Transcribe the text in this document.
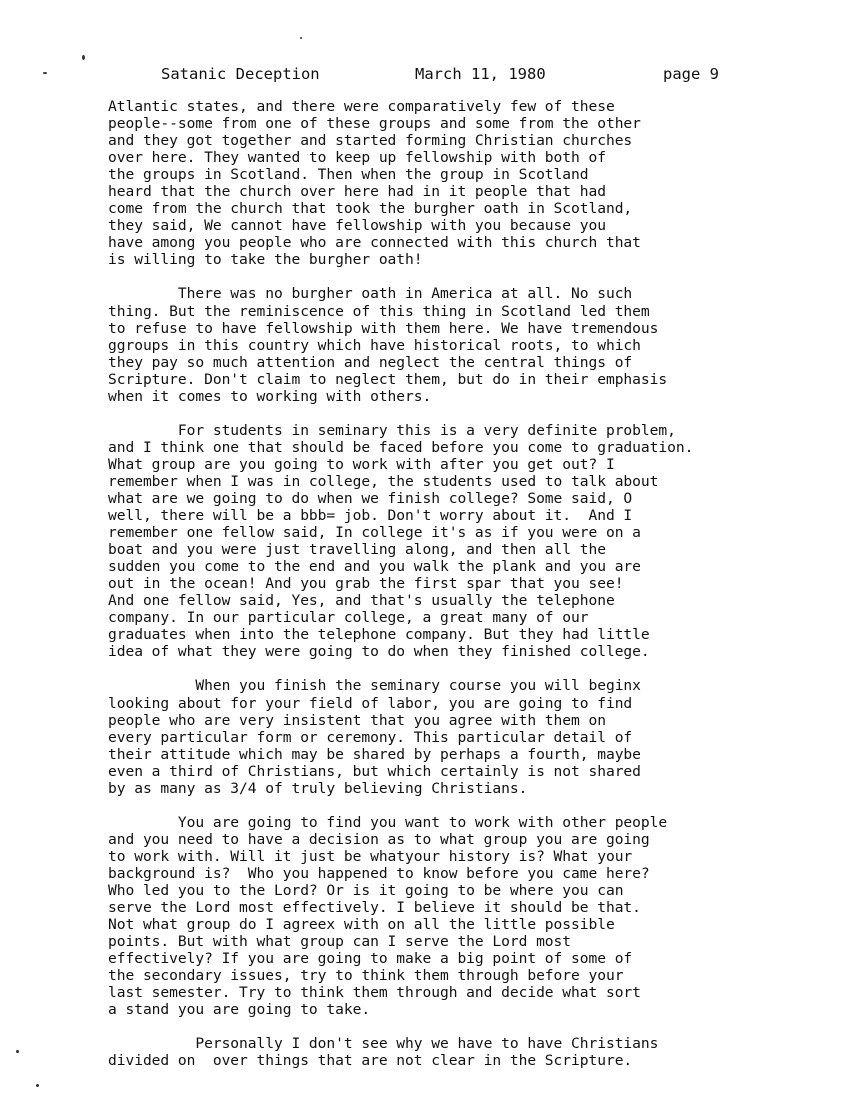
Satanic Deception	March 11, 1980	page 9
Atlantic states, and there were comparatively few of these
people--some from one of these groups and some from the other
and they got together and started forming Christian churches
over here. They wanted to keep up fellowship with both of
the groups in Scotland. Then when the group in Scotland
heard that the church over here had in it people that had
come from the church that took the burgher oath in Scotland,
they said, We cannot have fellowship with you because you
have among you people who are connected with this church that
is willing to take the burgher oath!
There was no burgher oath in America at all. No such
thing. But the reminiscence of this thing in Scotland led them
to refuse to have fellowship with them here. We have tremendous
ggroups in this country which have historical roots, to which
they pay so much attention and neglect the central things of
Scripture. Don't claim to neglect them, but do in their emphasis
when it comes to working with others.
For students in seminary this is a very definite problem,
and I think one that should be faced before you come to graduation.
What group are you going to work with after you get out? I
remember when I was in college, the students used to talk about
what are we going to do when we finish college? Some said, O
well, there will be a bbb= job. Don't worry about it.  And I
remember one fellow said, In college it's as if you were on a
boat and you were just travelling along, and then all the
sudden you come to the end and you walk the plank and you are
out in the ocean! And you grab the first spar that you see!
And one fellow said, Yes, and that's usually the telephone
company. In our particular college, a great many of our
graduates when into the telephone company. But they had little
idea of what they were going to do when they finished college.
When you finish the seminary course you will beginx
looking about for your field of labor, you are going to find
people who are very insistent that you agree with them on
every particular form or ceremony. This particular detail of
their attitude which may be shared by perhaps a fourth, maybe
even a third of Christians, but which certainly is not shared
by as many as 3/4 of truly believing Christians.
You are going to find you want to work with other people
and you need to have a decision as to what group you are going
to work with. Will it just be whatyour history is? What your
background is?  Who you happened to know before you came here?
Who led you to the Lord? Or is it going to be where you can
serve the Lord most effectively. I believe it should be that.
Not what group do I agreex with on all the little possible
points. But with what group can I serve the Lord most
effectively? If you are going to make a big point of some of
the secondary issues, try to think them through before your
last semester. Try to think them through and decide what sort
a stand you are going to take.
Personally I don't see why we have to have Christians
divided on  over things that are not clear in the Scripture.
